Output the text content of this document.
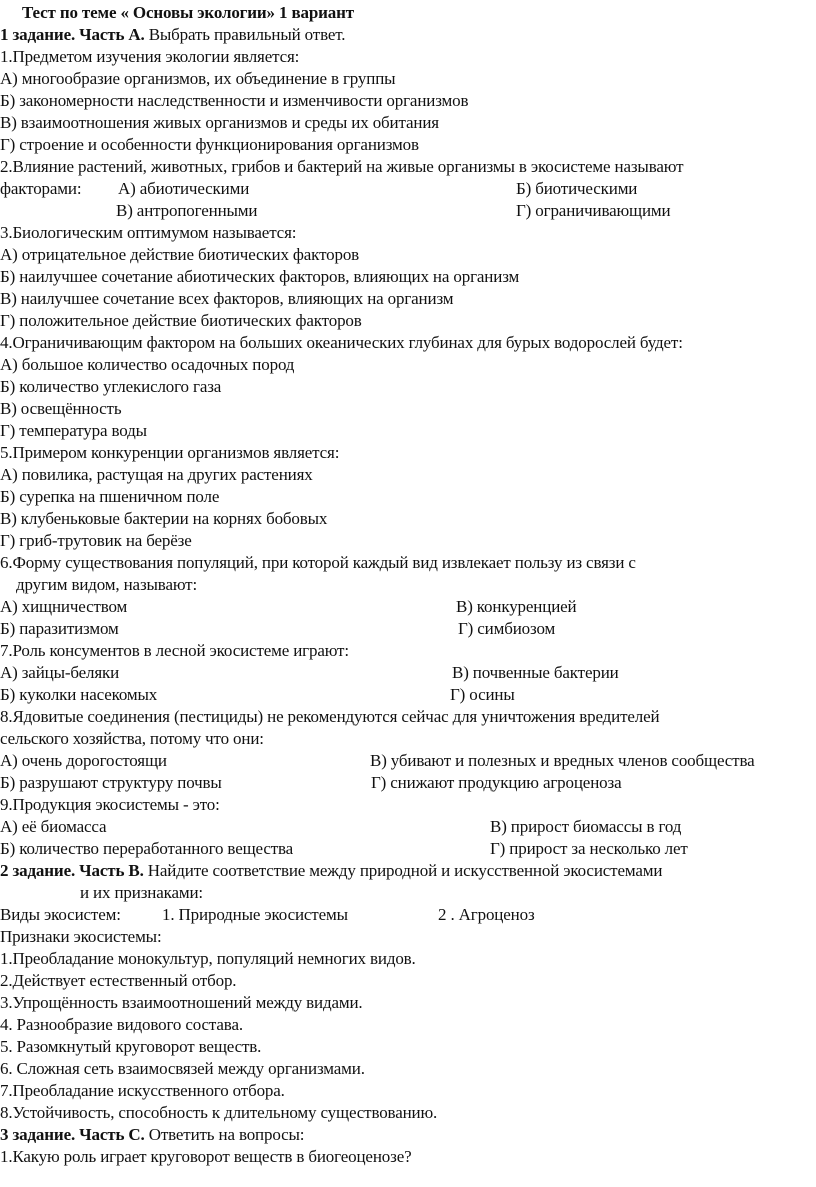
Тест по теме « Основы экологии» 1 вариант
1 задание. Часть А. Выбрать правильный ответ.
1.Предметом изучения экологии является:
А) многообразие организмов, их объединение в группы
Б) закономерности наследственности и изменчивости организмов
В) взаимоотношения живых организмов и среды их обитания
Г) строение и особенности функционирования организмов
2.Влияние растений, животных, грибов и бактерий на живые организмы в экосистеме называют
факторами: А) абиотическими	Б) биотическими
В) антропогенными	Г) ограничивающими
3.Биологическим оптимумом называется:
А) отрицательное действие биотических факторов
Б) наилучшее сочетание абиотических факторов, влияющих на организм
В) наилучшее сочетание всех факторов, влияющих на организм
Г) положительное действие биотических факторов
4.Ограничивающим фактором на больших океанических глубинах для бурых водорослей будет:
А) большое количество осадочных пород
Б) количество углекислого газа
В) освещённость
Г) температура воды
5.Примером конкуренции организмов является:
А) повилика, растущая на других растениях
Б) сурепка на пшеничном поле
В) клубеньковые бактерии на корнях бобовых
Г) гриб-трутовик на берёзе
6.Форму существования популяций, при которой каждый вид извлекает пользу из связи с
другим видом, называют:
А) хищничеством	В) конкуренцией
Б) паразитизмом	Г) симбиозом
7.Роль консументов в лесной экосистеме играют:
А) зайцы-беляки	В) почвенные бактерии
Б) куколки насекомых	Г) осины
8.Ядовитые соединения (пестициды) не рекомендуются сейчас для уничтожения вредителей
сельского хозяйства, потому что они:
А) очень дорогостоящи	В) убивают и полезных и вредных членов сообщества
Б) разрушают структуру почвы	Г) снижают продукцию агроценоза
9.Продукция экосистемы - это:
А) её биомасса	В) прирост биомассы в год
Б) количество переработанного вещества	Г) прирост за несколько лет
2 задание. Часть В. Найдите соответствие между природной и искусственной экосистемами
и их признаками:
Виды экосистем: 1. Природные экосистемы	2 . Агроценоз
Признаки экосистемы:
1.Преобладание монокультур, популяций немногих видов.
2.Действует естественный отбор.
3.Упрощённость взаимоотношений между видами.
4. Разнообразие видового состава.
5. Разомкнутый круговорот веществ.
6. Сложная сеть взаимосвязей между организмами.
7.Преобладание искусственного отбора.
8.Устойчивость, способность к длительному существованию.
3 задание. Часть С. Ответить на вопросы:
1.Какую роль играет круговорот веществ в биогеоценозе?
